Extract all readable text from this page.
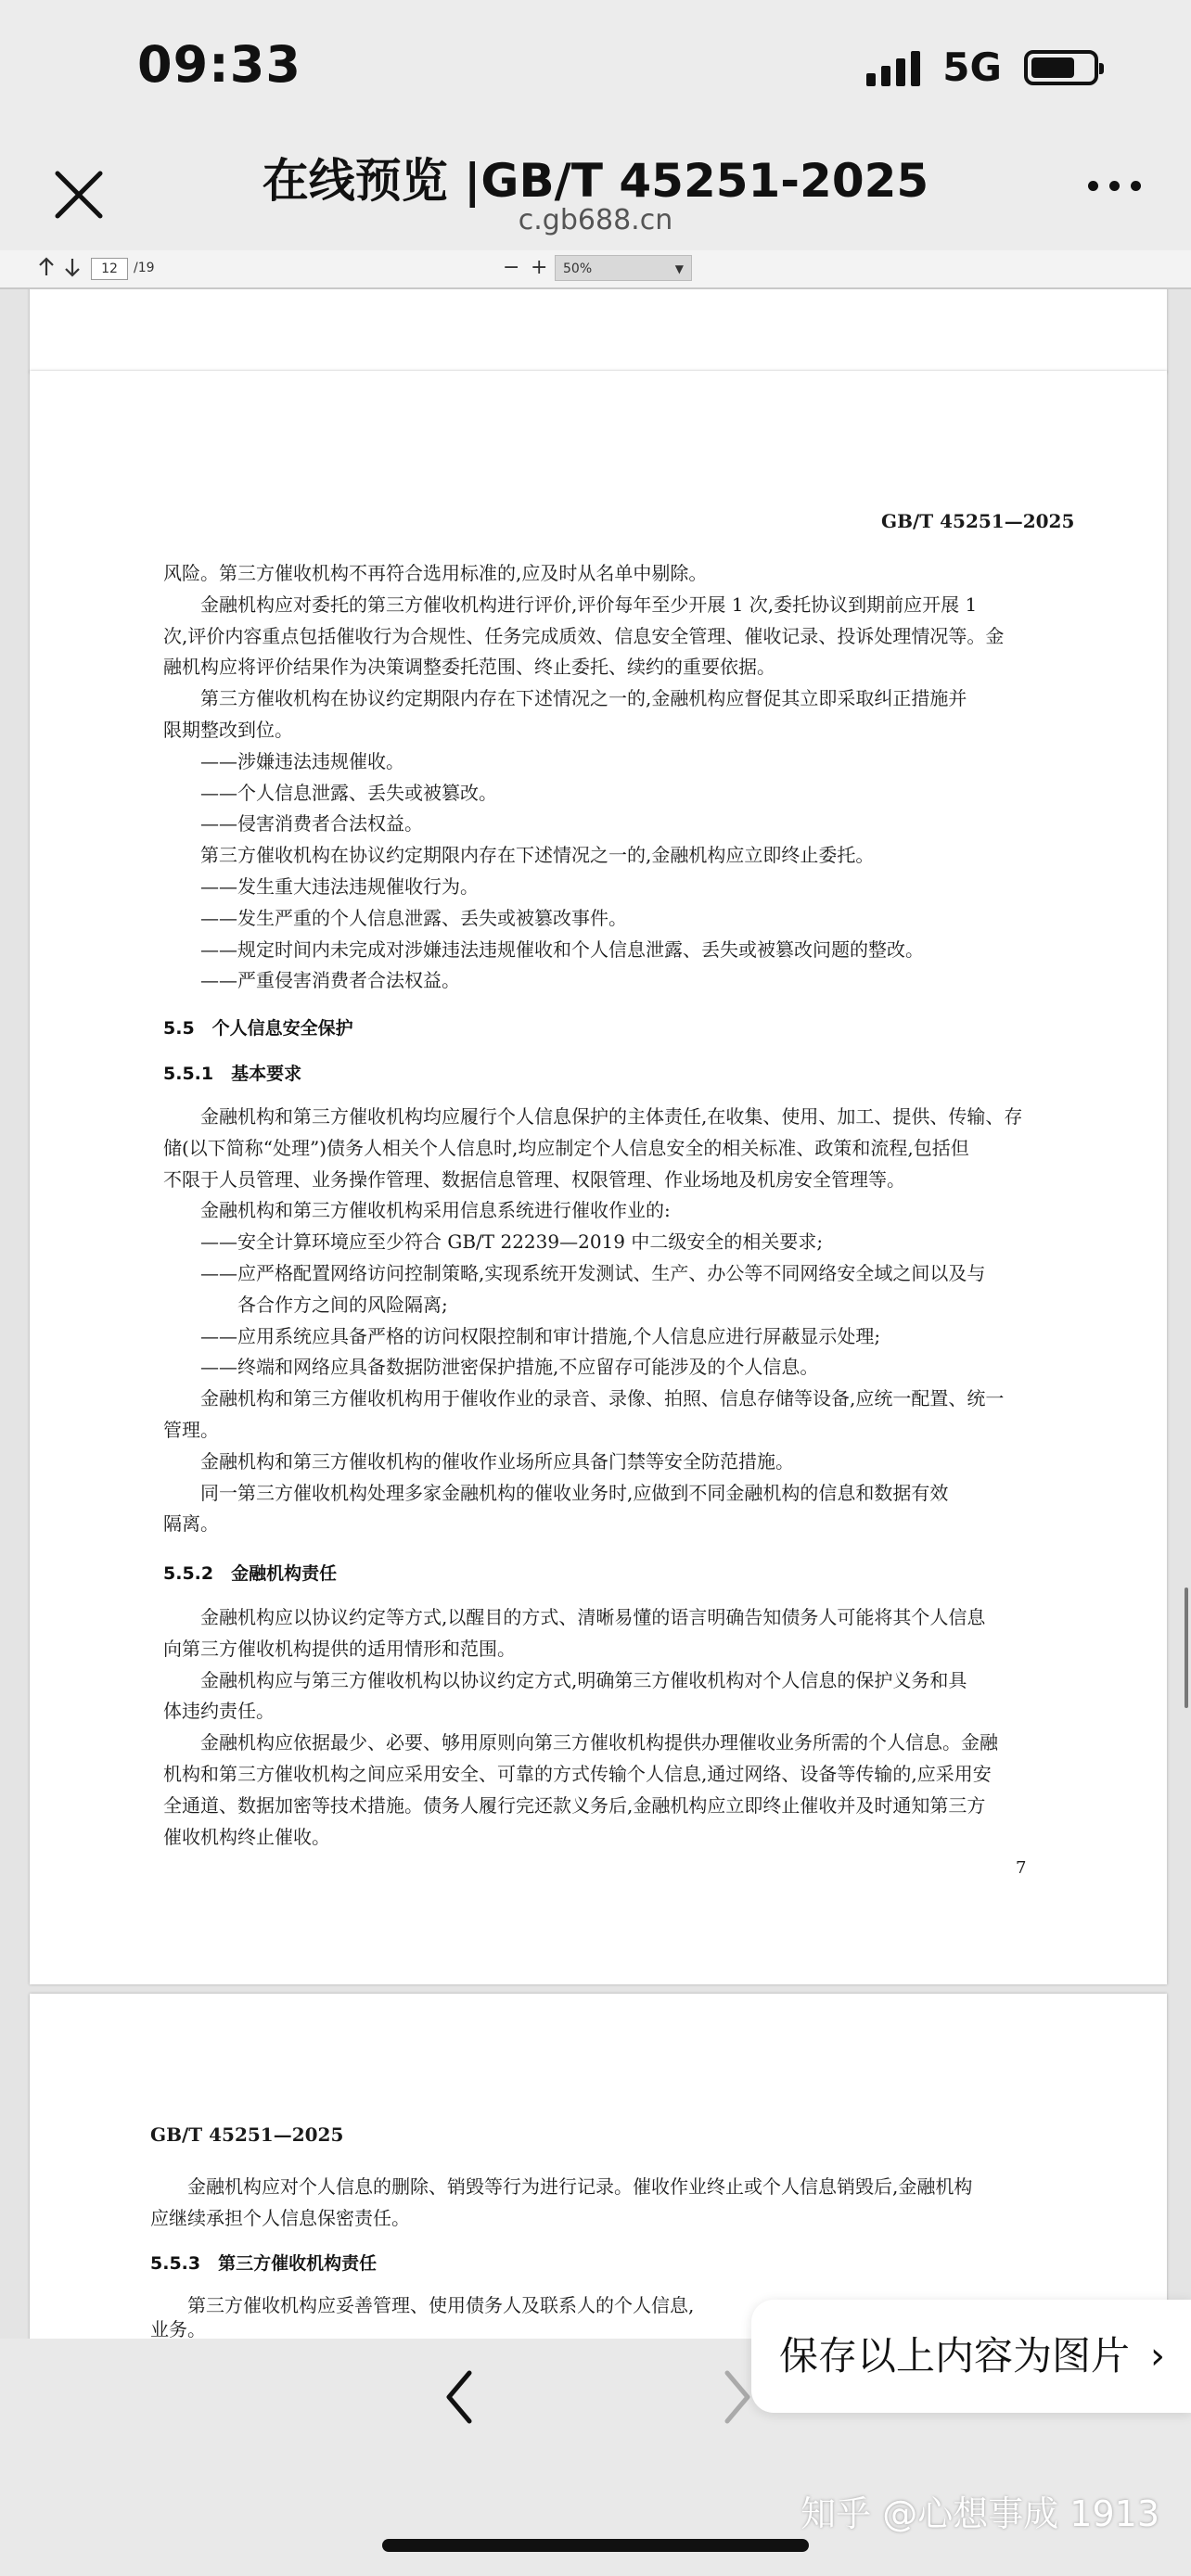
09:33	5G
在线预览 |GB/T 45251-2025
c.gb688.cn
12	/19	− +	50%	▼
GB/T 45251—2025
风险。第三方催收机构不再符合选用标准的,应及时从名单中剔除。
　　金融机构应对委托的第三方催收机构进行评价,评价每年至少开展 1 次,委托协议到期前应开展 1
次,评价内容重点包括催收行为合规性、任务完成质效、信息安全管理、催收记录、投诉处理情况等。金
融机构应将评价结果作为决策调整委托范围、终止委托、续约的重要依据。
　　第三方催收机构在协议约定期限内存在下述情况之一的,金融机构应督促其立即采取纠正措施并
限期整改到位。
　　——涉嫌违法违规催收。
　　——个人信息泄露、丢失或被篡改。
　　——侵害消费者合法权益。
　　第三方催收机构在协议约定期限内存在下述情况之一的,金融机构应立即终止委托。
　　——发生重大违法违规催收行为。
　　——发生严重的个人信息泄露、丢失或被篡改事件。
　　——规定时间内未完成对涉嫌违法违规催收和个人信息泄露、丢失或被篡改问题的整改。
　　——严重侵害消费者合法权益。
5.5　个人信息安全保护
5.5.1　基本要求
　　金融机构和第三方催收机构均应履行个人信息保护的主体责任,在收集、使用、加工、提供、传输、存
储(以下简称“处理”)债务人相关个人信息时,均应制定个人信息安全的相关标准、政策和流程,包括但
不限于人员管理、业务操作管理、数据信息管理、权限管理、作业场地及机房安全管理等。
　　金融机构和第三方催收机构采用信息系统进行催收作业的:
　　——安全计算环境应至少符合 GB/T 22239—2019 中二级安全的相关要求;
　　——应严格配置网络访问控制策略,实现系统开发测试、生产、办公等不同网络安全域之间以及与
　　　　各合作方之间的风险隔离;
　　——应用系统应具备严格的访问权限控制和审计措施,个人信息应进行屏蔽显示处理;
　　——终端和网络应具备数据防泄密保护措施,不应留存可能涉及的个人信息。
　　金融机构和第三方催收机构用于催收作业的录音、录像、拍照、信息存储等设备,应统一配置、统一
管理。
　　金融机构和第三方催收机构的催收作业场所应具备门禁等安全防范措施。
　　同一第三方催收机构处理多家金融机构的催收业务时,应做到不同金融机构的信息和数据有效
隔离。
5.5.2　金融机构责任
　　金融机构应以协议约定等方式,以醒目的方式、清晰易懂的语言明确告知债务人可能将其个人信息
向第三方催收机构提供的适用情形和范围。
　　金融机构应与第三方催收机构以协议约定方式,明确第三方催收机构对个人信息的保护义务和具
体违约责任。
　　金融机构应依据最少、必要、够用原则向第三方催收机构提供办理催收业务所需的个人信息。金融
机构和第三方催收机构之间应采用安全、可靠的方式传输个人信息,通过网络、设备等传输的,应采用安
全通道、数据加密等技术措施。债务人履行完还款义务后,金融机构应立即终止催收并及时通知第三方
催收机构终止催收。
7
GB/T 45251—2025
　　金融机构应对个人信息的删除、销毁等行为进行记录。催收作业终止或个人信息销毁后,金融机构
应继续承担个人信息保密责任。
5.5.3　第三方催收机构责任
　　第三方催收机构应妥善管理、使用债务人及联系人的个人信息,
业务。
保存以上内容为图片 ›
知乎 @心想事成 1913
